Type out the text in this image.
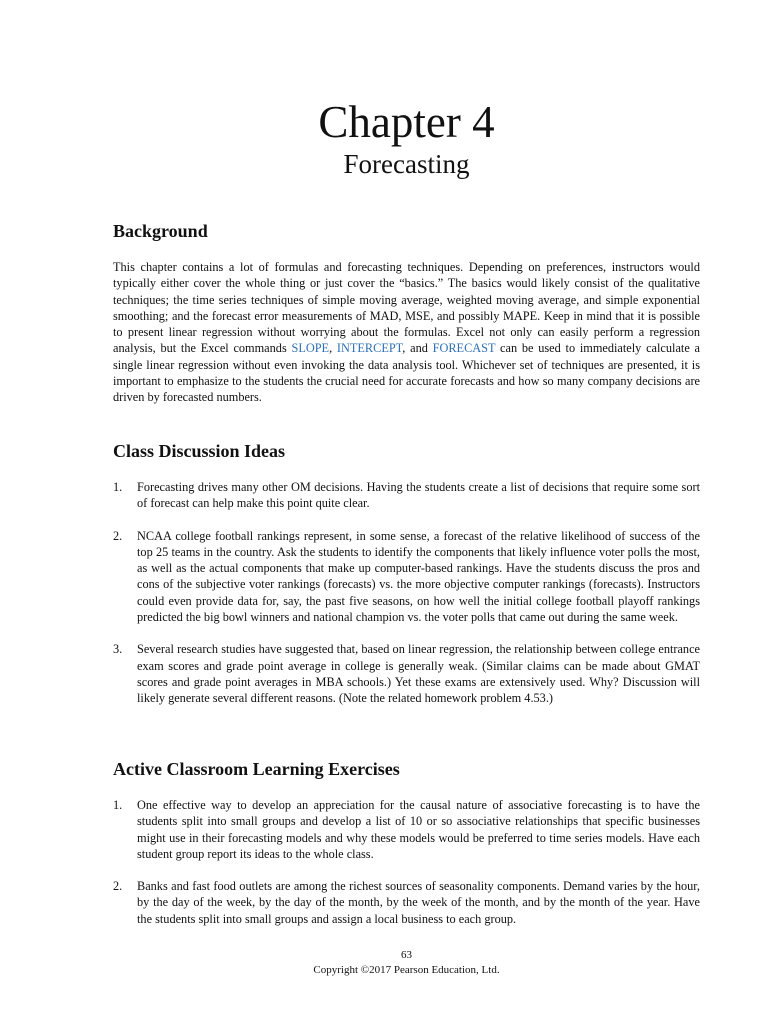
Chapter 4
Forecasting
Background

This chapter contains a lot of formulas and forecasting techniques. Depending on preferences, instructors would typically either cover the whole thing or just cover the “basics.” The basics would likely consist of the qualitative techniques; the time series techniques of simple moving average, weighted moving average, and simple exponential smoothing; and the forecast error measurements of MAD, MSE, and possibly MAPE. Keep in mind that it is possible to present linear regression without worrying about the formulas. Excel not only can easily perform a regression analysis, but the Excel commands SLOPE, INTERCEPT, and FORECAST can be used to immediately calculate a single linear regression without even invoking the data analysis tool. Whichever set of techniques are presented, it is important to emphasize to the students the crucial need for accurate forecasts and how so many company decisions are driven by forecasted numbers.

Class Discussion Ideas
1. Forecasting drives many other OM decisions. Having the students create a list of decisions that require some sort of forecast can help make this point quite clear.
2. NCAA college football rankings represent, in some sense, a forecast of the relative likelihood of success of the top 25 teams in the country. Ask the students to identify the components that likely influence voter polls the most, as well as the actual components that make up computer-based rankings. Have the students discuss the pros and cons of the subjective voter rankings (forecasts) vs. the more objective computer rankings (forecasts). Instructors could even provide data for, say, the past five seasons, on how well the initial college football playoff rankings predicted the big bowl winners and national champion vs. the voter polls that came out during the same week.
3. Several research studies have suggested that, based on linear regression, the relationship between college entrance exam scores and grade point average in college is generally weak. (Similar claims can be made about GMAT scores and grade point averages in MBA schools.) Yet these exams are extensively used. Why? Discussion will likely generate several different reasons. (Note the related homework problem 4.53.)
Active Classroom Learning Exercises
1. One effective way to develop an appreciation for the causal nature of associative forecasting is to have the students split into small groups and develop a list of 10 or so associative relationships that specific businesses might use in their forecasting models and why these models would be preferred to time series models. Have each student group report its ideas to the whole class.
2. Banks and fast food outlets are among the richest sources of seasonality components. Demand varies by the hour, by the day of the week, by the day of the month, by the week of the month, and by the month of the year. Have the students split into small groups and assign a local business to each group.
63
Copyright ©2017 Pearson Education, Ltd.
